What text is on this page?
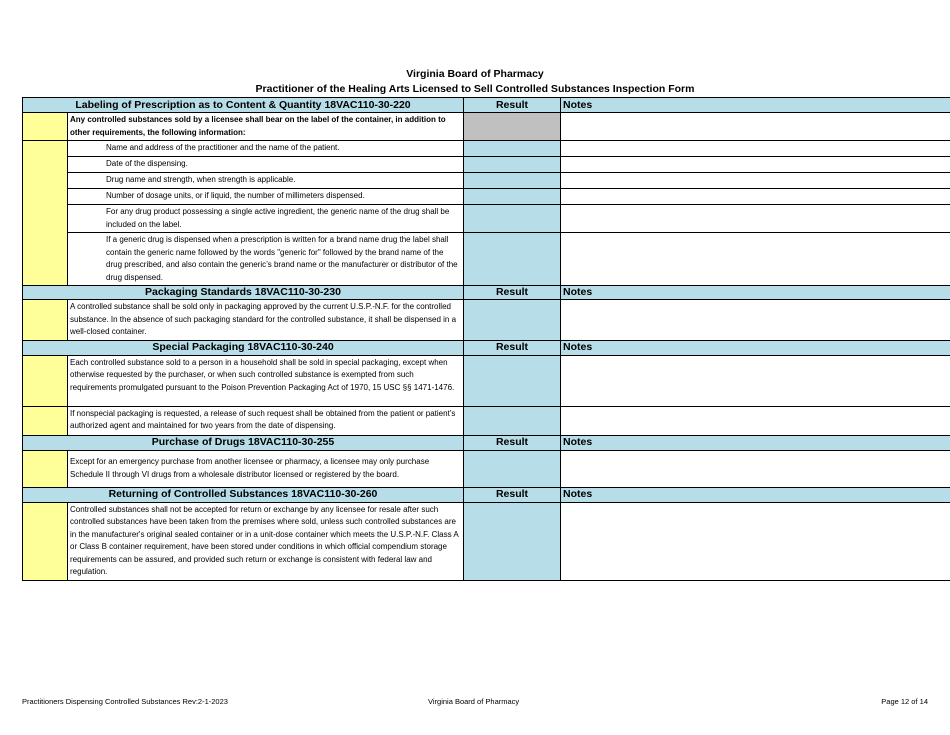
Virginia Board of Pharmacy
Practitioner of the Healing Arts Licensed to Sell Controlled Substances Inspection Form
Labeling of Prescription as to Content & Quantity 18VAC110-30-220		Result	Notes
	Any controlled substances sold by a licensee shall bear on the label of the container, in addition to other requirements, the following information:		
	Name and address of the practitioner and the name of the patient.		
	Date of the dispensing.		
	Drug name and strength, when strength is applicable.		
	Number of dosage units, or if liquid, the number of millimeters dispensed.		
	For any drug product possessing a single active ingredient, the generic name of the drug shall be included on the label.		
	If a generic drug is dispensed when a prescription is written for a brand name drug the label shall contain the generic name followed by the words "generic for" followed by the brand name of the drug prescribed, and also contain the generic’s brand name or the manufacturer or distributor of the drug dispensed.		
Packaging Standards 18VAC110-30-230		Result	Notes
	A controlled substance shall be sold only in packaging approved by the current U.S.P.-N.F. for the controlled substance. In the absence of such packaging standard for the controlled substance, it shall be dispensed in a well-closed container.		
Special Packaging 18VAC110-30-240		Result	Notes
	Each controlled substance sold to a person in a household shall be sold in special packaging, except when otherwise requested by the purchaser, or when such controlled substance is exempted from such requirements promulgated pursuant to the Poison Prevention Packaging Act of 1970, 15 USC §§ 1471-1476.		
	If nonspecial packaging is requested, a release of such request shall be obtained from the patient or patient’s authorized agent and maintained for two years from the date of dispensing.		
Purchase of Drugs 18VAC110-30-255		Result	Notes
	Except for an emergency purchase from another licensee or pharmacy, a licensee may only purchase Schedule II through VI drugs from a wholesale distributor licensed or registered by the board.		
Returning of Controlled Substances 18VAC110-30-260		Result	Notes
	Controlled substances shall not be accepted for return or exchange by any licensee for resale after such controlled substances have been taken from the premises where sold, unless such controlled substances are in the manufacturer's original sealed container or in a unit-dose container which meets the U.S.P.-N.F. Class A or Class B container requirement, have been stored under conditions in which official compendium storage requirements can be assured, and provided such return or exchange is consistent with federal law and regulation.		
Practitioners Dispensing Controlled Substances Rev:2-1-2023	Virginia Board of Pharmacy	Page 12 of 14
